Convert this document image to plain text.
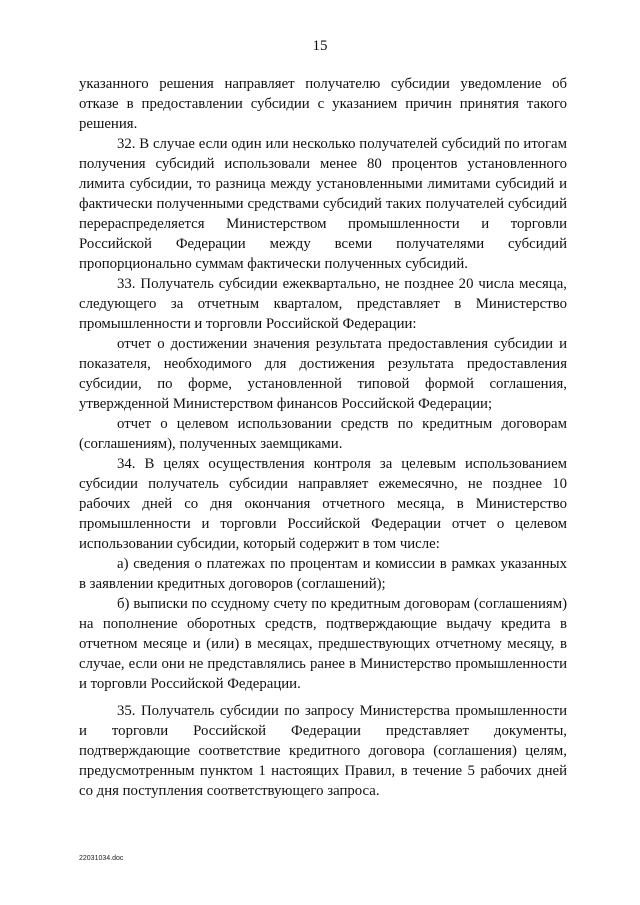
15

указанного решения направляет получателю субсидии уведомление об отказе в предоставлении субсидии с указанием причин принятия такого решения.

32. В случае если один или несколько получателей субсидий по итогам получения субсидий использовали менее 80 процентов установленного лимита субсидии, то разница между установленными лимитами субсидий и фактически полученными средствами субсидий таких получателей субсидий перераспределяется Министерством промышленности и торговли Российской Федерации между всеми получателями субсидий пропорционально суммам фактически полученных субсидий.

33. Получатель субсидии ежеквартально, не позднее 20 числа месяца, следующего за отчетным кварталом, представляет в Министерство промышленности и торговли Российской Федерации:

отчет о достижении значения результата предоставления субсидии и показателя, необходимого для достижения результата предоставления субсидии, по форме, установленной типовой формой соглашения, утвержденной Министерством финансов Российской Федерации;

отчет о целевом использовании средств по кредитным договорам (соглашениям), полученных заемщиками.

34. В целях осуществления контроля за целевым использованием субсидии получатель субсидии направляет ежемесячно, не позднее 10 рабочих дней со дня окончания отчетного месяца, в Министерство промышленности и торговли Российской Федерации отчет о целевом использовании субсидии, который содержит в том числе:

а) сведения о платежах по процентам и комиссии в рамках указанных в заявлении кредитных договоров (соглашений);

б) выписки по ссудному счету по кредитным договорам (соглашениям) на пополнение оборотных средств, подтверждающие выдачу кредита в отчетном месяце и (или) в месяцах, предшествующих отчетному месяцу, в случае, если они не представлялись ранее в Министерство промышленности и торговли Российской Федерации.

35. Получатель субсидии по запросу Министерства промышленности и торговли Российской Федерации представляет документы, подтверждающие соответствие кредитного договора (соглашения) целям, предусмотренным пунктом 1 настоящих Правил, в течение 5 рабочих дней со дня поступления соответствующего запроса.

22031034.doc
